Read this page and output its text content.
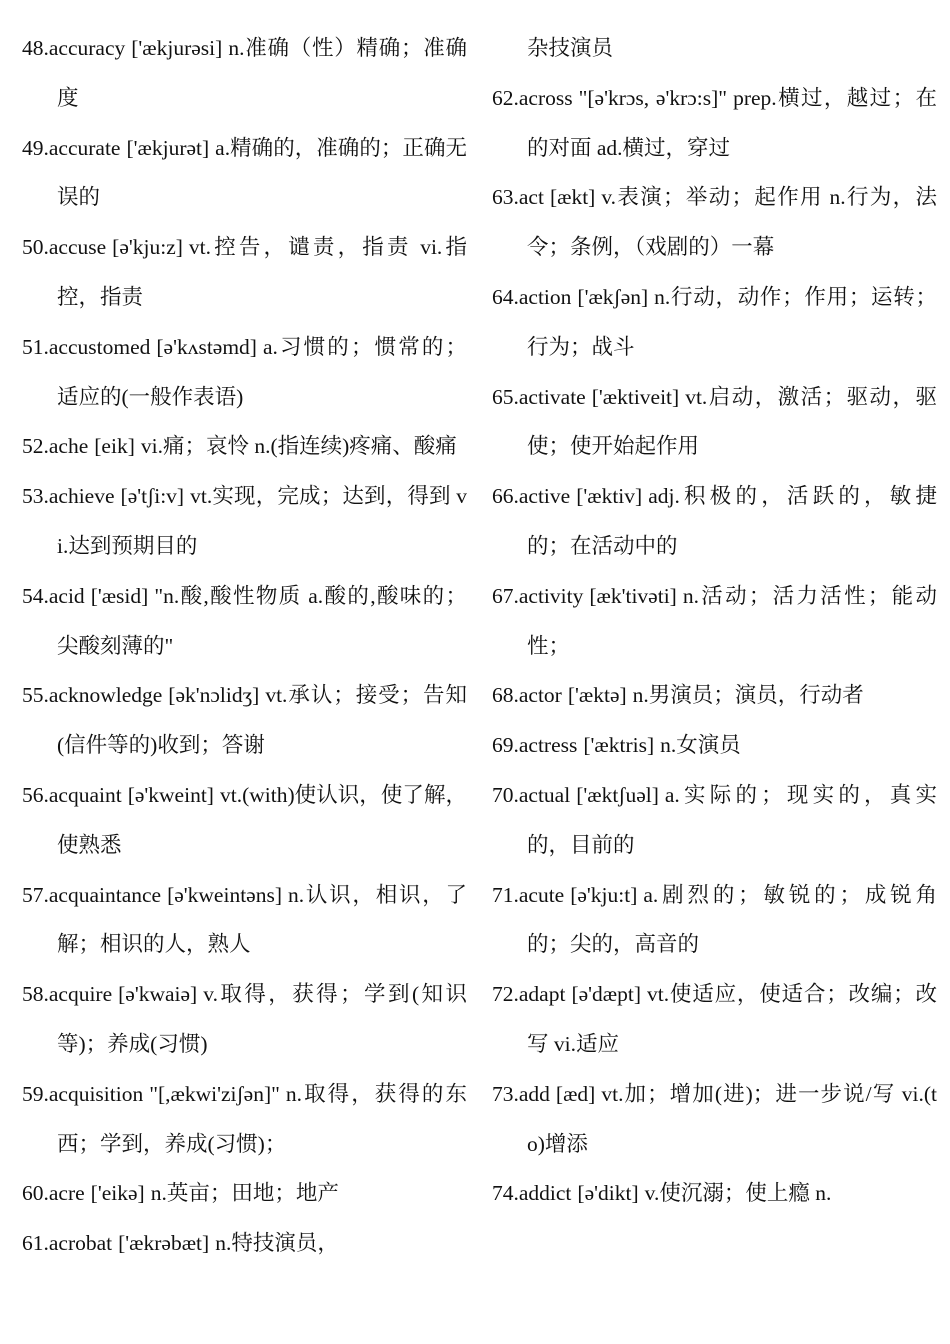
48.accuracy ['ækjurəsi] n.准确（性）精确；准确度
49.accurate ['ækjurət] a.精确的，准确的；正确无误的
50.accuse [ə'kju:z] vt.控告，谴责，指责 vi.指控，指责
51.accustomed [ə'kʌstəmd] a.习惯的；惯常的；适应的(一般作表语)
52.ache [eik] vi.痛；哀怜 n.(指连续)疼痛、酸痛
53.achieve [ə'tʃi:v] vt.实现，完成；达到，得到 vi.达到预期目的
54.acid ['æsid] "n.酸,酸性物质 a.酸的,酸味的；尖酸刻薄的"
55.acknowledge [ək'nɔlidʒ] vt.承认；接受；告知(信件等的)收到；答谢
56.acquaint [ə'kweint] vt.(with)使认识，使了解，使熟悉
57.acquaintance [ə'kweintəns] n.认识，相识，了解；相识的人，熟人
58.acquire [ə'kwaiə] v.取得，获得；学到(知识等)；养成(习惯)
59.acquisition "[,ækwi'ziʃən]" n.取得，获得的东西；学到，养成(习惯)；
60.acre ['eikə] n.英亩；田地；地产
61.acrobat ['ækrəbæt] n.特技演员，
杂技演员
62.across "[ə'krɔs, ə'krɔ:s]" prep.横过，越过；在的对面 ad.横过，穿过
63.act [ækt] v.表演；举动；起作用 n.行为，法令；条例，（戏剧的）一幕
64.action ['ækʃən] n.行动，动作；作用；运转；行为；战斗
65.activate ['æktiveit] vt.启动，激活；驱动，驱使；使开始起作用
66.active ['æktiv] adj.积极的，活跃的，敏捷的；在活动中的
67.activity [æk'tivəti] n.活动；活力活性；能动性；
68.actor ['æktə] n.男演员；演员，行动者
69.actress ['æktris] n.女演员
70.actual ['æktʃuəl] a.实际的；现实的，真实的，目前的
71.acute [ə'kju:t] a.剧烈的；敏锐的；成锐角的；尖的，高音的
72.adapt [ə'dæpt] vt.使适应，使适合；改编；改写 vi.适应
73.add [æd] vt.加；增加(进)；进一步说/写 vi.(to)增添
74.addict [ə'dikt] v.使沉溺；使上瘾 n.
